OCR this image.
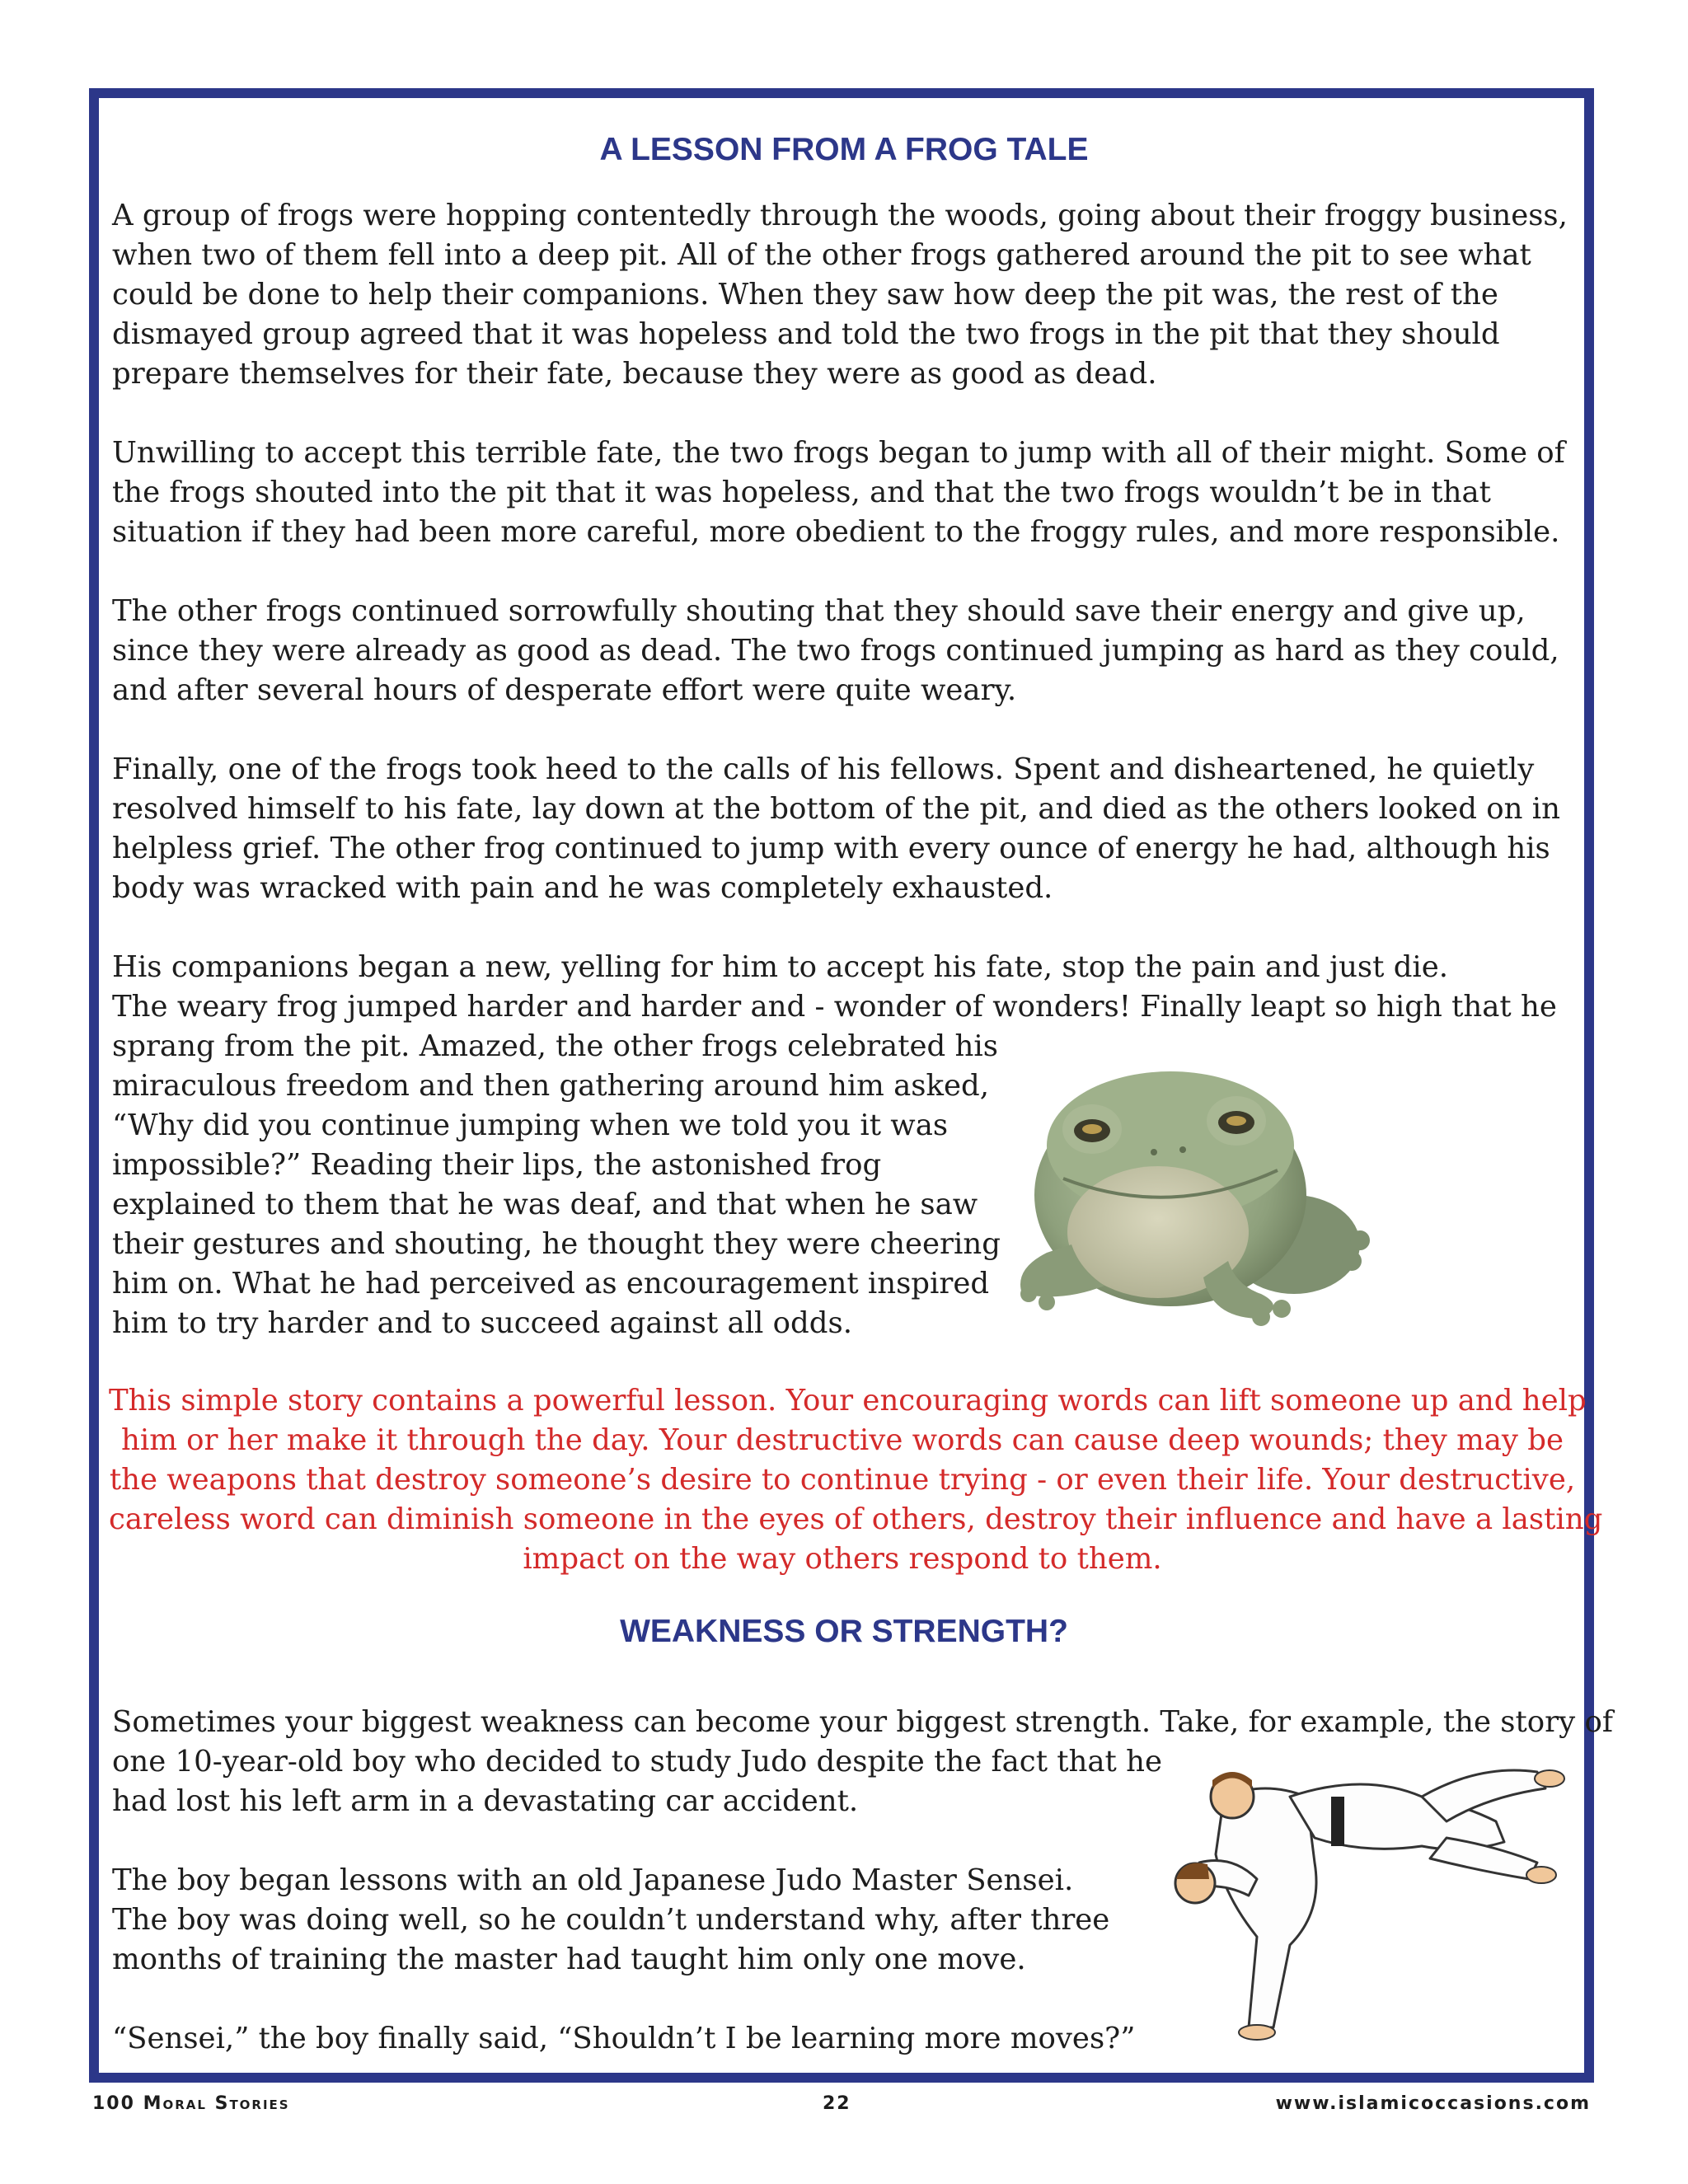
A LESSON FROM A FROG TALE
A group of frogs were hopping contentedly through the woods, going about their froggy business,
when two of them fell into a deep pit. All of the other frogs gathered around the pit to see what
could be done to help their companions. When they saw how deep the pit was, the rest of the
dismayed group agreed that it was hopeless and told the two frogs in the pit that they should
prepare themselves for their fate, because they were as good as dead.
Unwilling to accept this terrible fate, the two frogs began to jump with all of their might. Some of
the frogs shouted into the pit that it was hopeless, and that the two frogs wouldn’t be in that
situation if they had been more careful, more obedient to the froggy rules, and more responsible.
The other frogs continued sorrowfully shouting that they should save their energy and give up,
since they were already as good as dead. The two frogs continued jumping as hard as they could,
and after several hours of desperate effort were quite weary.
Finally, one of the frogs took heed to the calls of his fellows. Spent and disheartened, he quietly
resolved himself to his fate, lay down at the bottom of the pit, and died as the others looked on in
helpless grief. The other frog continued to jump with every ounce of energy he had, although his
body was wracked with pain and he was completely exhausted.
His companions began a new, yelling for him to accept his fate, stop the pain and just die.
The weary frog jumped harder and harder and - wonder of wonders! Finally leapt so high that he
sprang from the pit. Amazed, the other frogs celebrated his
miraculous freedom and then gathering around him asked,
“Why did you continue jumping when we told you it was
impossible?” Reading their lips, the astonished frog
explained to them that he was deaf, and that when he saw
their gestures and shouting, he thought they were cheering
him on. What he had perceived as encouragement inspired
him to try harder and to succeed against all odds.
This simple story contains a powerful lesson. Your encouraging words can lift someone up and help
him or her make it through the day. Your destructive words can cause deep wounds; they may be
the weapons that destroy someone’s desire to continue trying - or even their life. Your destructive,
careless word can diminish someone in the eyes of others, destroy their influence and have a lasting
impact on the way others respond to them.
WEAKNESS OR STRENGTH?
Sometimes your biggest weakness can become your biggest strength. Take, for example, the story of
one 10-year-old boy who decided to study Judo despite the fact that he
had lost his left arm in a devastating car accident.
The boy began lessons with an old Japanese Judo Master Sensei.
The boy was doing well, so he couldn’t understand why, after three
months of training the master had taught him only one move.
“Sensei,” the boy finally said, “Shouldn’t I be learning more moves?”
100 Moral Stories	22	www.islamicoccasions.com
